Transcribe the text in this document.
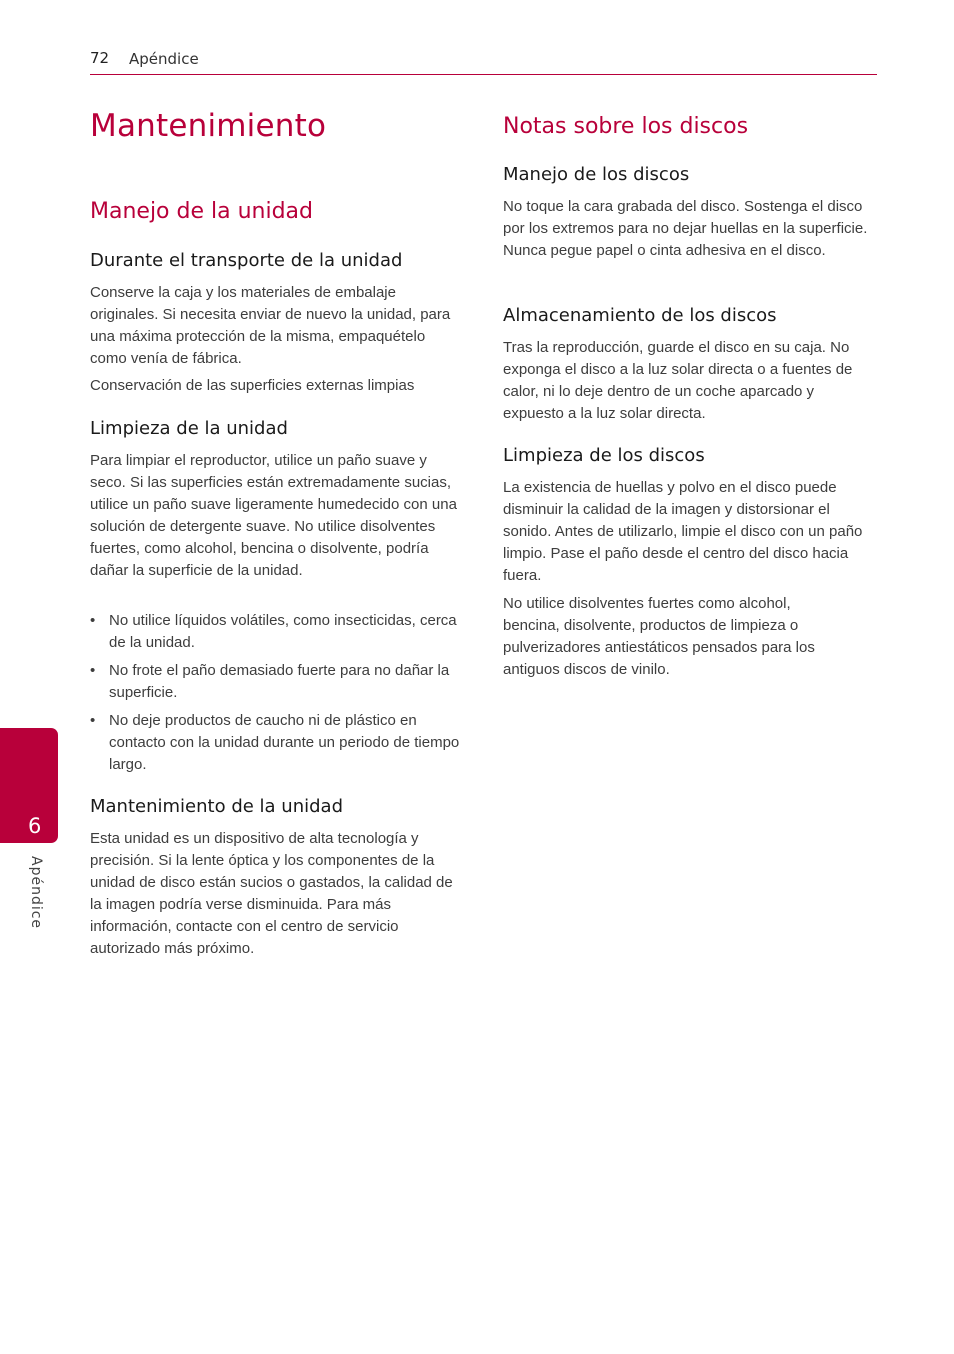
72 Apéndice
Mantenimiento
Manejo de la unidad
Durante el transporte de la unidad

Conserve la caja y los materiales de embalaje originales. Si necesita enviar de nuevo la unidad, para una máxima protección de la misma, empaquételo como venía de fábrica.

Conservación de las superficies externas limpias

Limpieza de la unidad

Para limpiar el reproductor, utilice un paño suave y seco. Si las superficies están extremadamente sucias, utilice un paño suave ligeramente humedecido con una solución de detergente suave. No utilice disolventes fuertes, como alcohol, bencina o disolvente, podría dañar la superficie de la unidad.

• No utilice líquidos volátiles, como insecticidas, cerca de la unidad.
• No frote el paño demasiado fuerte para no dañar la superficie.
• No deje productos de caucho ni de plástico en contacto con la unidad durante un periodo de tiempo largo.
Mantenimiento de la unidad

Esta unidad es un dispositivo de alta tecnología y precisión. Si la lente óptica y los componentes de la unidad de disco están sucios o gastados, la calidad de la imagen podría verse disminuida. Para más información, contacte con el centro de servicio autorizado más próximo.

Notas sobre los discos
Manejo de los discos

No toque la cara grabada del disco. Sostenga el disco por los extremos para no dejar huellas en la superficie. Nunca pegue papel o cinta adhesiva en el disco.

Almacenamiento de los discos

Tras la reproducción, guarde el disco en su caja. No exponga el disco a la luz solar directa o a fuentes de calor, ni lo deje dentro de un coche aparcado y expuesto a la luz solar directa.

Limpieza de los discos

La existencia de huellas y polvo en el disco puede disminuir la calidad de la imagen y distorsionar el sonido. Antes de utilizarlo, limpie el disco con un paño limpio. Pase el paño desde el centro del disco hacia fuera.

No utilice disolventes fuertes como alcohol, bencina, disolvente, productos de limpieza o pulverizadores antiestáticos pensados para los antiguos discos de vinilo.

6
Apéndice
